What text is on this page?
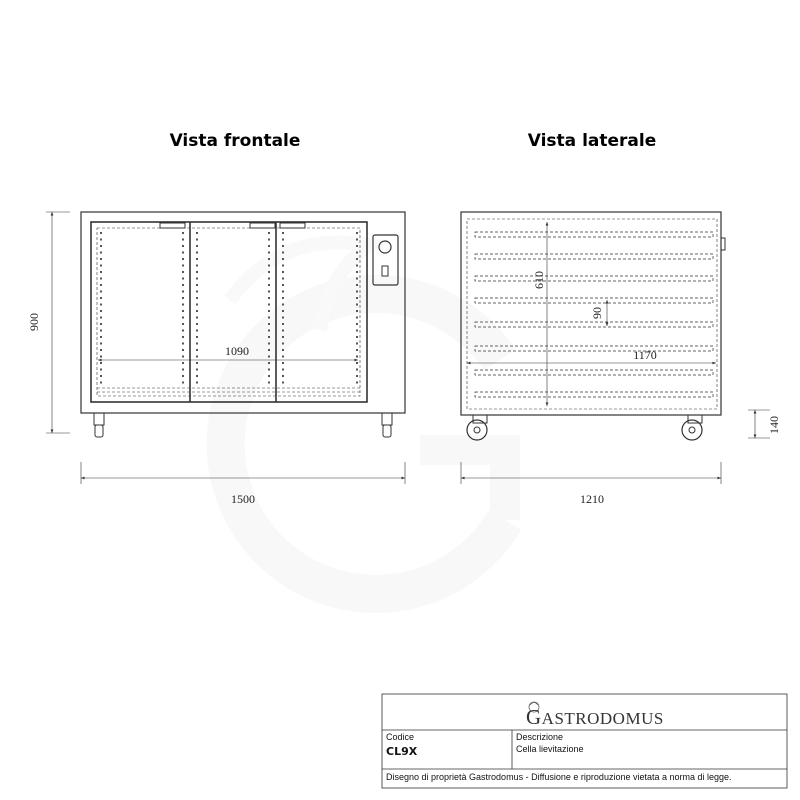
Vista frontale	Vista laterale
900
1500
1090
610
90
1170
1210
140
GASTRODOMUS
Codice
CL9X
Descrizione
Cella lievitazione
Disegno di proprietà Gastrodomus - Diffusione e riproduzione vietata a norma di legge.
